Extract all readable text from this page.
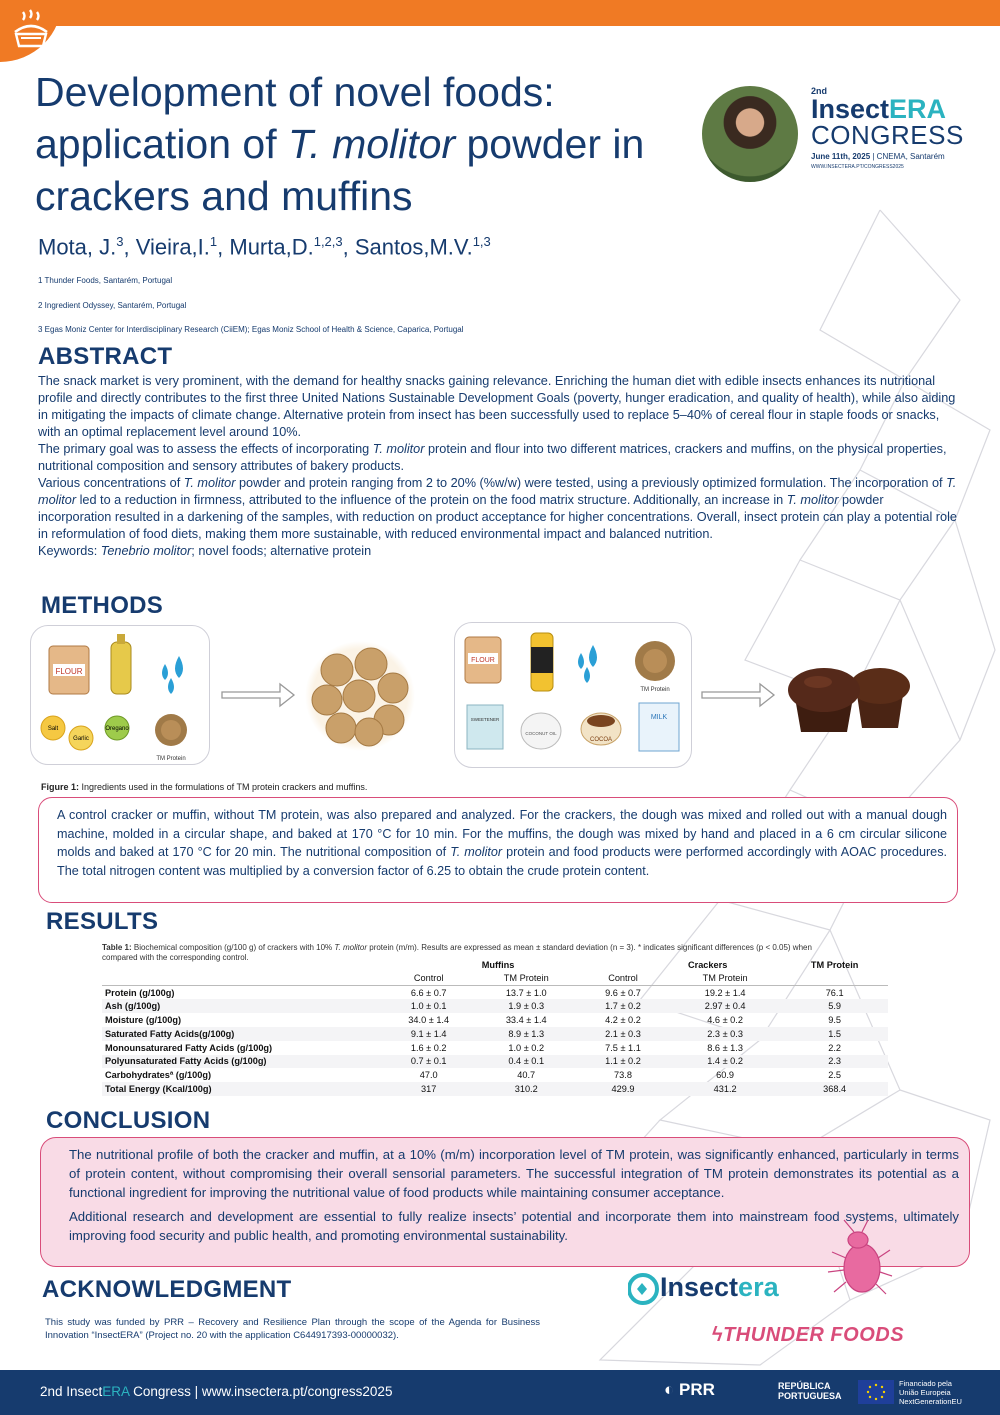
Development of novel foods:
application of T. molitor powder in
crackers and muffins
2nd
InsectERA
CONGRESS
June 11th, 2025 | CNEMA, Santarém
WWW.INSECTERA.PT/CONGRESS2025
Mota, J.$^3$, Vieira,I.$^1$, Murta,D.$^{1,2,3}$, Santos,M.V.$^{1,3}$
1 Thunder Foods, Santarém, Portugal
2 Ingredient Odyssey, Santarém, Portugal
3 Egas Moniz Center for Interdisciplinary Research (CiiEM); Egas Moniz School of Health & Science, Caparica, Portugal
ABSTRACT
The snack market is very prominent, with the demand for healthy snacks gaining relevance. Enriching the human diet with edible insects enhances its nutritional profile and directly contributes to the first three United Nations Sustainable Development Goals (poverty, hunger eradication, and quality of health), while also aiding in mitigating the impacts of climate change. Alternative protein from insect has been successfully used to replace 5–40% of cereal flour in staple foods or snacks, with an optimal replacement level around 10%.
The primary goal was to assess the effects of incorporating T. molitor protein and flour into two different matrices, crackers and muffins, on the physical properties, nutritional composition and sensory attributes of bakery products.
Various concentrations of T. molitor powder and protein ranging from 2 to 20% (%w/w) were tested, using a previously optimized formulation. The incorporation of T. molitor led to a reduction in firmness, attributed to the influence of the protein on the food matrix structure. Additionally, an increase in T. molitor powder incorporation resulted in a darkening of the samples, with reduction on product acceptance for higher concentrations. Overall, insect protein can play a potential role in reformulation of food diets, making them more sustainable, with reduced environmental impact and balanced nutrition.
Keywords: Tenebrio molitor; novel foods; alternative protein
METHODS
FLOUR
Salt
Garlic
Oregano
TM Protein
FLOUR
TM Protein
SWEETENER
COCONUT OIL
COCOA
MILK
Figure 1: Ingredients used in the formulations of TM protein crackers and muffins.
A control cracker or muffin, without TM protein, was also prepared and analyzed. For the crackers, the dough was mixed and rolled out with a manual dough machine, molded in a circular shape, and baked at 170 °C for 10 min. For the muffins, the dough was mixed by hand and placed in a 6 cm circular silicone molds and baked at 170 °C for 20 min. The nutritional composition of T. molitor protein and food products were performed accordingly with AOAC procedures. The total nitrogen content was multiplied by a conversion factor of 6.25 to obtain the crude protein content.
RESULTS
Table 1: Biochemical composition (g/100 g) of crackers with 10% T. molitor protein (m/m). Results are expressed as mean ± standard deviation (n = 3). * indicates significant differences (p < 0.05) when compared with the corresponding control.
	Muffins		Crackers		TM Protein
	Control	TM Protein	Control	TM Protein	
Protein (g/100g)	6.6 ± 0.7	13.7 ± 1.0	9.6 ± 0.7	19.2 ± 1.4	76.1
Ash (g/100g)	1.0 ± 0.1	1.9 ± 0.3	1.7 ± 0.2	2.97 ± 0.4	5.9
Moisture (g/100g)	34.0 ± 1.4	33.4 ± 1.4	4.2 ± 0.2	4.6 ± 0.2	9.5
Saturated Fatty Acids(g/100g)	9.1 ± 1.4	8.9 ± 1.3	2.1 ± 0.3	2.3 ± 0.3	1.5
Monounsaturared Fatty Acids (g/100g)	1.6 ± 0.2	1.0 ± 0.2	7.5 ± 1.1	8.6 ± 1.3	2.2
Polyunsaturated Fatty Acids (g/100g)	0.7 ± 0.1	0.4 ± 0.1	1.1 ± 0.2	1.4 ± 0.2	2.3
Carbohydratesª (g/100g)	47.0	40.7	73.8	60.9	2.5
Total Energy (Kcal/100g)	317	310.2	429.9	431.2	368.4
CONCLUSION

The nutritional profile of both the cracker and muffin, at a 10% (m/m) incorporation level of TM protein, was significantly enhanced, particularly in terms of protein content, without compromising their overall sensorial parameters. The successful integration of TM protein demonstrates its potential as a functional ingredient for improving the nutritional value of food products while maintaining consumer acceptance.

Additional research and development are essential to fully realize insects’ potential and incorporate them into mainstream food systems, ultimately improving food security and public health, and promoting environmental sustainability.

ACKNOWLEDGMENT
This study was funded by PRR – Recovery and Resilience Plan through the scope of the Agenda for Business Innovation “InsectERA” (Project no. 20 with the application C644917393-00000032).
Insectera
ϟTHUNDER FOODS
2nd InsectERA Congress | www.insectera.pt/congress2025	◐ PRR	REPÚBLICA
PORTUGUESA
Financiado pela
União Europeia
NextGenerationEU
